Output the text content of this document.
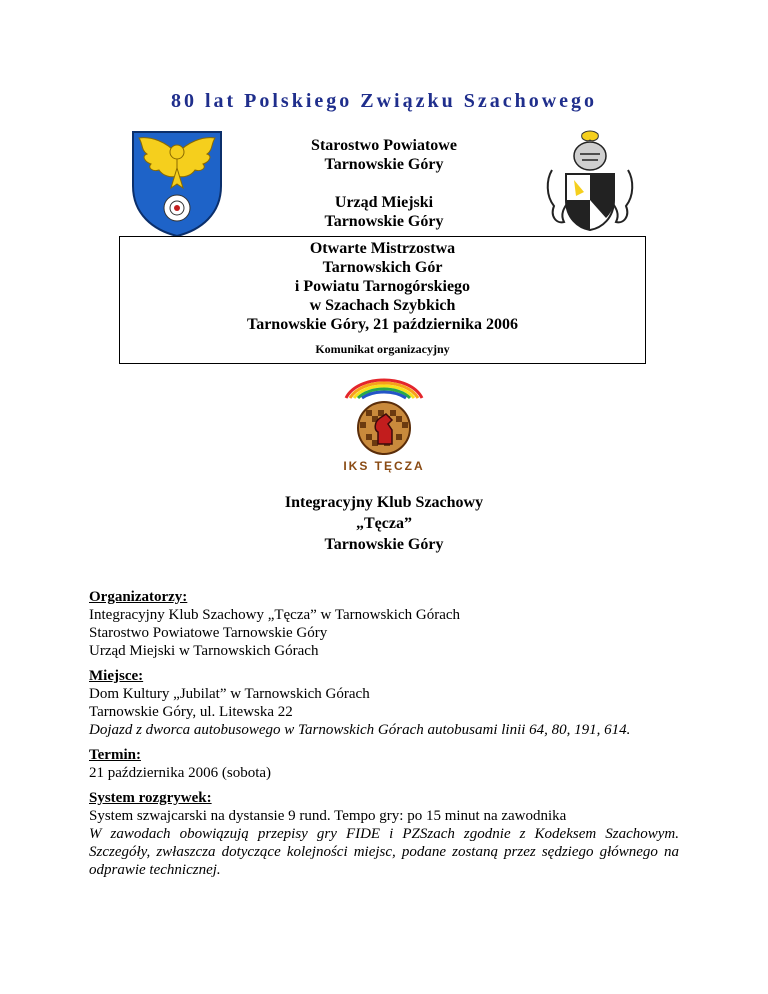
80 lat Polskiego Związku Szachowego
Starostwo Powiatowe
Tarnowskie Góry
Urząd Miejski
Tarnowskie Góry
Otwarte Mistrzostwa
Tarnowskich Gór
i Powiatu Tarnogórskiego
w Szachach Szybkich
Tarnowskie Góry, 21 października 2006
Komunikat organizacyjny
IKS TĘCZA
Integracyjny Klub Szachowy
„Tęcza”
Tarnowskie Góry
Organizatorzy:
Integracyjny Klub Szachowy „Tęcza” w Tarnowskich Górach
Starostwo Powiatowe Tarnowskie Góry
Urząd Miejski w Tarnowskich Górach
Miejsce:
Dom Kultury „Jubilat” w Tarnowskich Górach
Tarnowskie Góry, ul. Litewska 22
Dojazd z dworca autobusowego w Tarnowskich Górach autobusami linii 64, 80, 191, 614.
Termin:
21 października 2006 (sobota)
System rozgrywek:
System szwajcarski na dystansie 9 rund. Tempo gry: po 15 minut na zawodnika
W zawodach obowiązują przepisy gry FIDE i PZSzach zgodnie z Kodeksem Szachowym. Szczegóły, zwłaszcza dotyczące kolejności miejsc, podane zostaną przez sędziego głównego na odprawie technicznej.
